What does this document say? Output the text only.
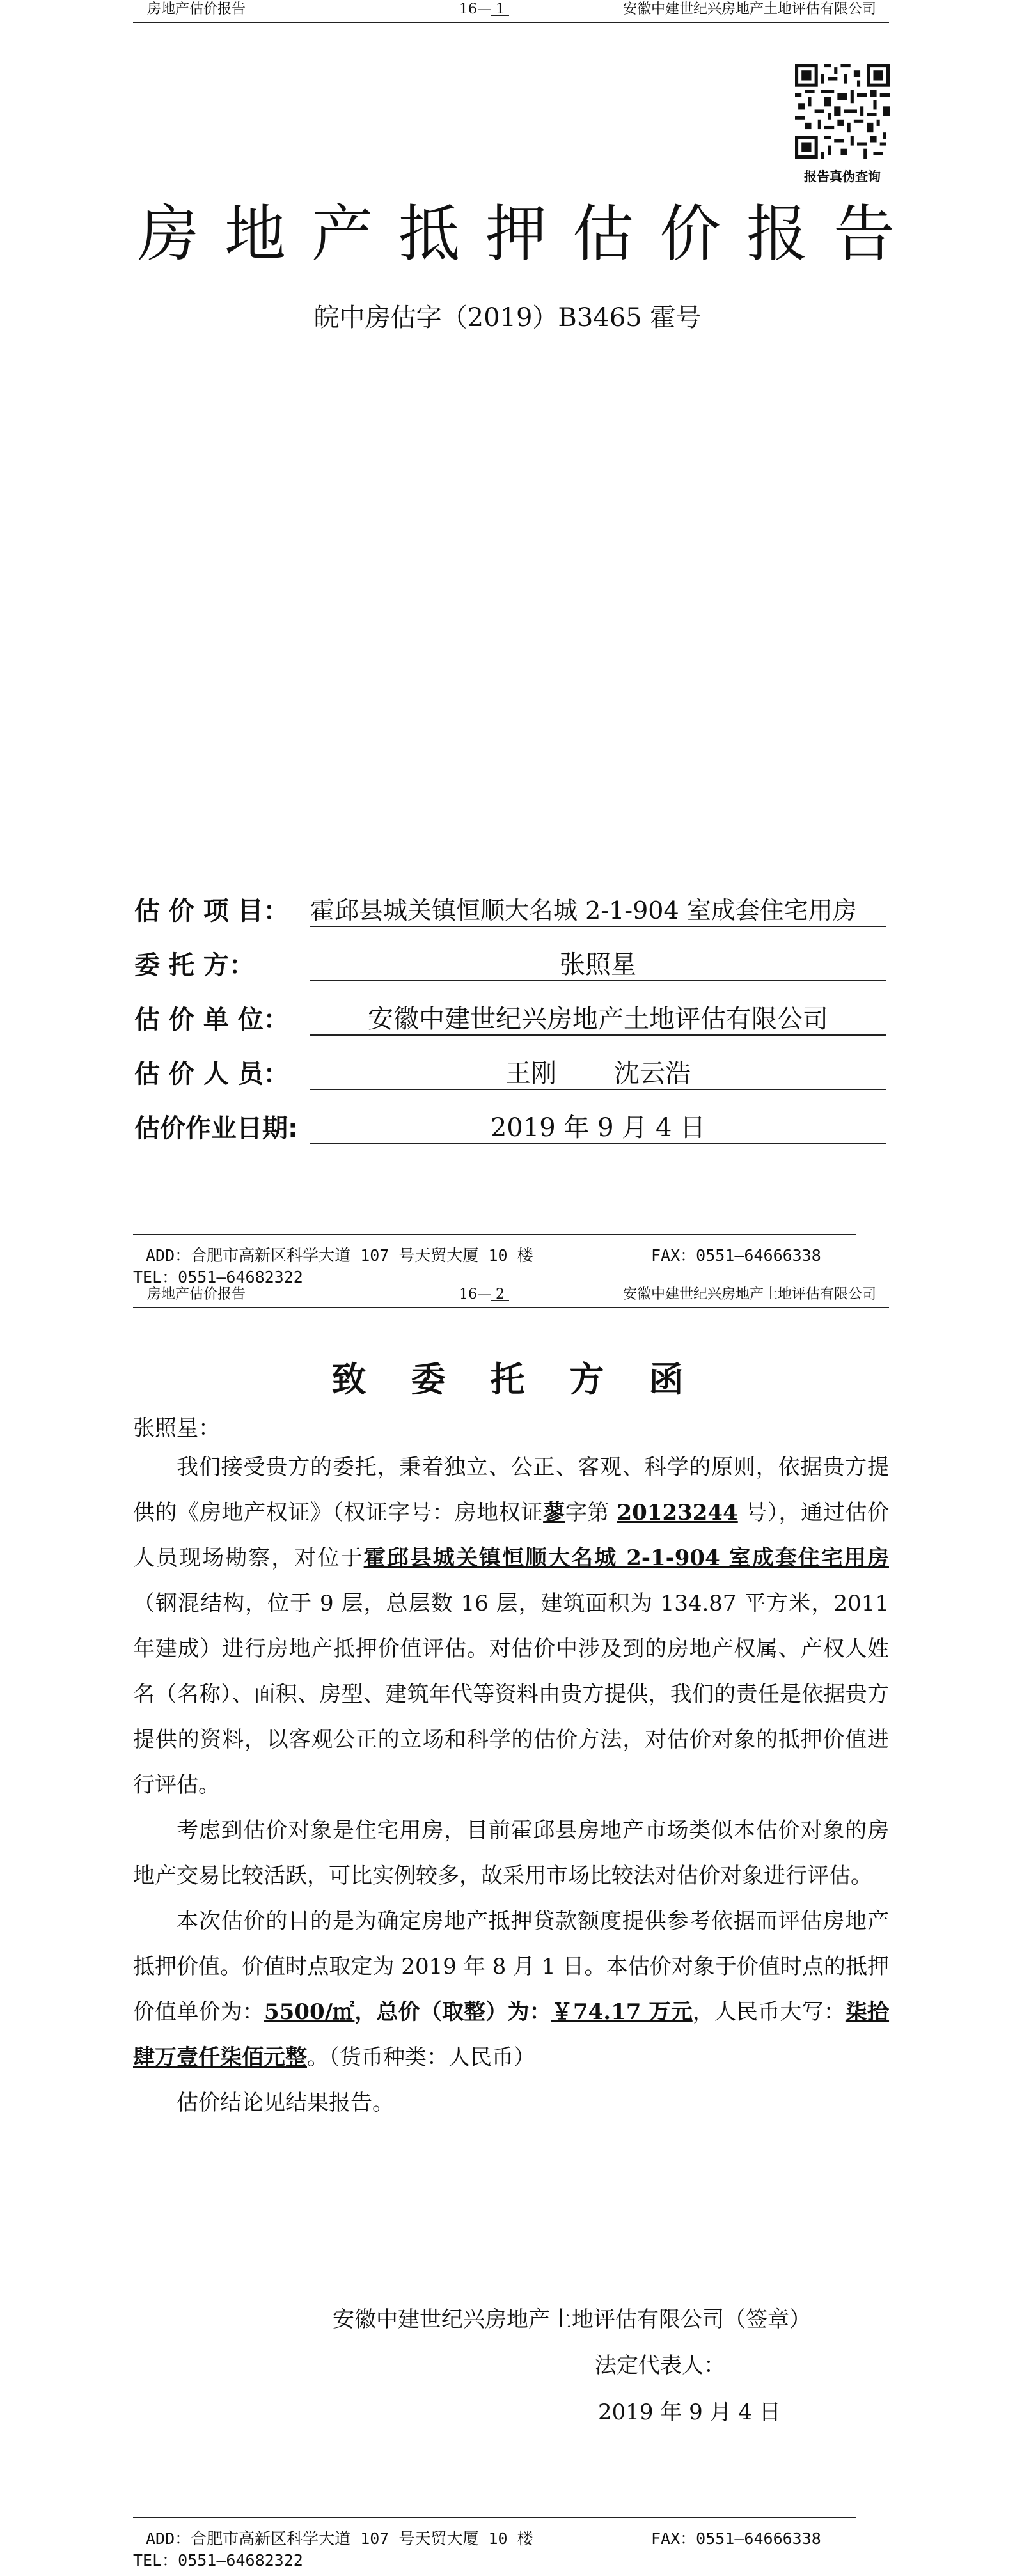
房地产估价报告	16— 1	安徽中建世纪兴房地产土地评估有限公司
报告真伪查询
房地产抵押估价报告
皖中房估字（2019）B3465 霍号
估 价 项 目： 霍邱县城关镇恒顺大名城 2-1-904 室成套住宅用房
委 托 方：	张照星
估 价 单 位：	安徽中建世纪兴房地产土地评估有限公司
估 价 人 员：	王刚 沈云浩
估价作业日期:	2019 年 9 月 4 日
ADD：合肥市高新区科学大道 107 号天贸大厦 10 楼	FAX：0551—64666338
TEL：0551—64682322
房地产估价报告	16— 2	安徽中建世纪兴房地产土地评估有限公司
致委托方函
张照星：

我们接受贵方的委托，秉着独立、公正、客观、科学的原则，依据贵方提供的《房地产权证》（权证字号：房地权证蓼字第 20123244 号），通过估价人员现场勘察，对位于霍邱县城关镇恒顺大名城 2-1-904 室成套住宅用房（钢混结构，位于 9 层，总层数 16 层，建筑面积为 134.87 平方米，2011 年建成）进行房地产抵押价值评估。对估价中涉及到的房地产权属、产权人姓名（名称）、面积、房型、建筑年代等资料由贵方提供，我们的责任是依据贵方提供的资料，以客观公正的立场和科学的估价方法，对估价对象的抵押价值进行评估。

考虑到估价对象是住宅用房，目前霍邱县房地产市场类似本估价对象的房地产交易比较活跃，可比实例较多，故采用市场比较法对估价对象进行评估。

本次估价的目的是为确定房地产抵押贷款额度提供参考依据而评估房地产抵押价值。价值时点取定为 2019 年 8 月 1 日。本估价对象于价值时点的抵押价值单价为：5500/㎡，总价（取整）为：￥74.17 万元，人民币大写：柒拾肆万壹仟柒佰元整。（货币种类：人民币）

估价结论见结果报告。

安徽中建世纪兴房地产土地评估有限公司（签章）
法定代表人：
2019 年 9 月 4 日
ADD：合肥市高新区科学大道 107 号天贸大厦 10 楼	FAX：0551—64666338
TEL：0551—64682322
